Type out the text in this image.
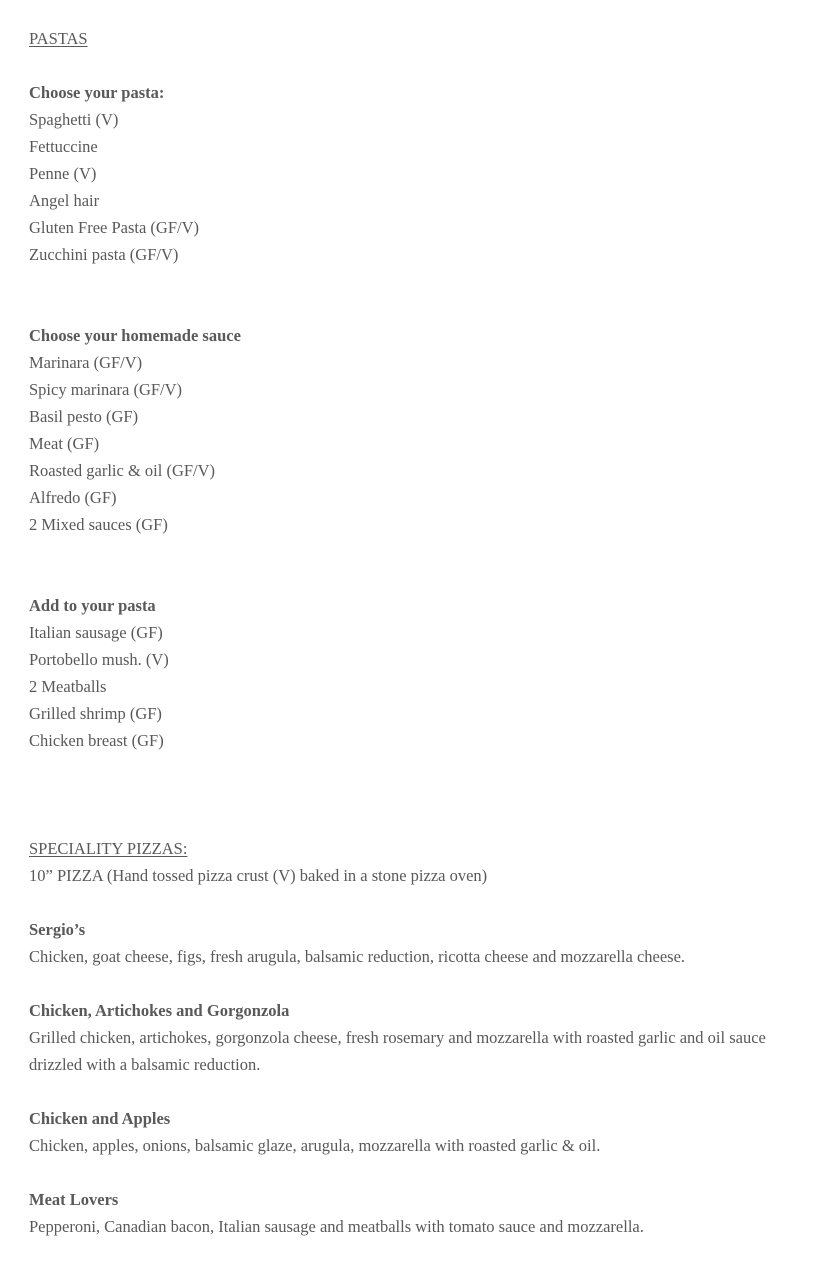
PASTAS
Choose your pasta:
Spaghetti (V)
Fettuccine
Penne (V)
Angel hair
Gluten Free Pasta (GF/V)
Zucchini pasta (GF/V)
Choose your homemade sauce
Marinara (GF/V)
Spicy marinara (GF/V)
Basil pesto (GF)
Meat (GF)
Roasted garlic & oil (GF/V)
Alfredo (GF)
2 Mixed sauces (GF)
Add to your pasta
Italian sausage (GF)
Portobello mush. (V)
2 Meatballs
Grilled shrimp (GF)
Chicken breast (GF)
SPECIALITY PIZZAS:
10” PIZZA (Hand tossed pizza crust (V) baked in a stone pizza oven)
Sergio’s
Chicken, goat cheese, figs, fresh arugula, balsamic reduction, ricotta cheese and mozzarella cheese.
Chicken, Artichokes and Gorgonzola
Grilled chicken, artichokes, gorgonzola cheese, fresh rosemary and mozzarella with roasted garlic and oil sauce drizzled with a balsamic reduction.
Chicken and Apples
Chicken, apples, onions, balsamic glaze, arugula, mozzarella with roasted garlic & oil.
Meat Lovers
Pepperoni, Canadian bacon, Italian sausage and meatballs with tomato sauce and mozzarella.
